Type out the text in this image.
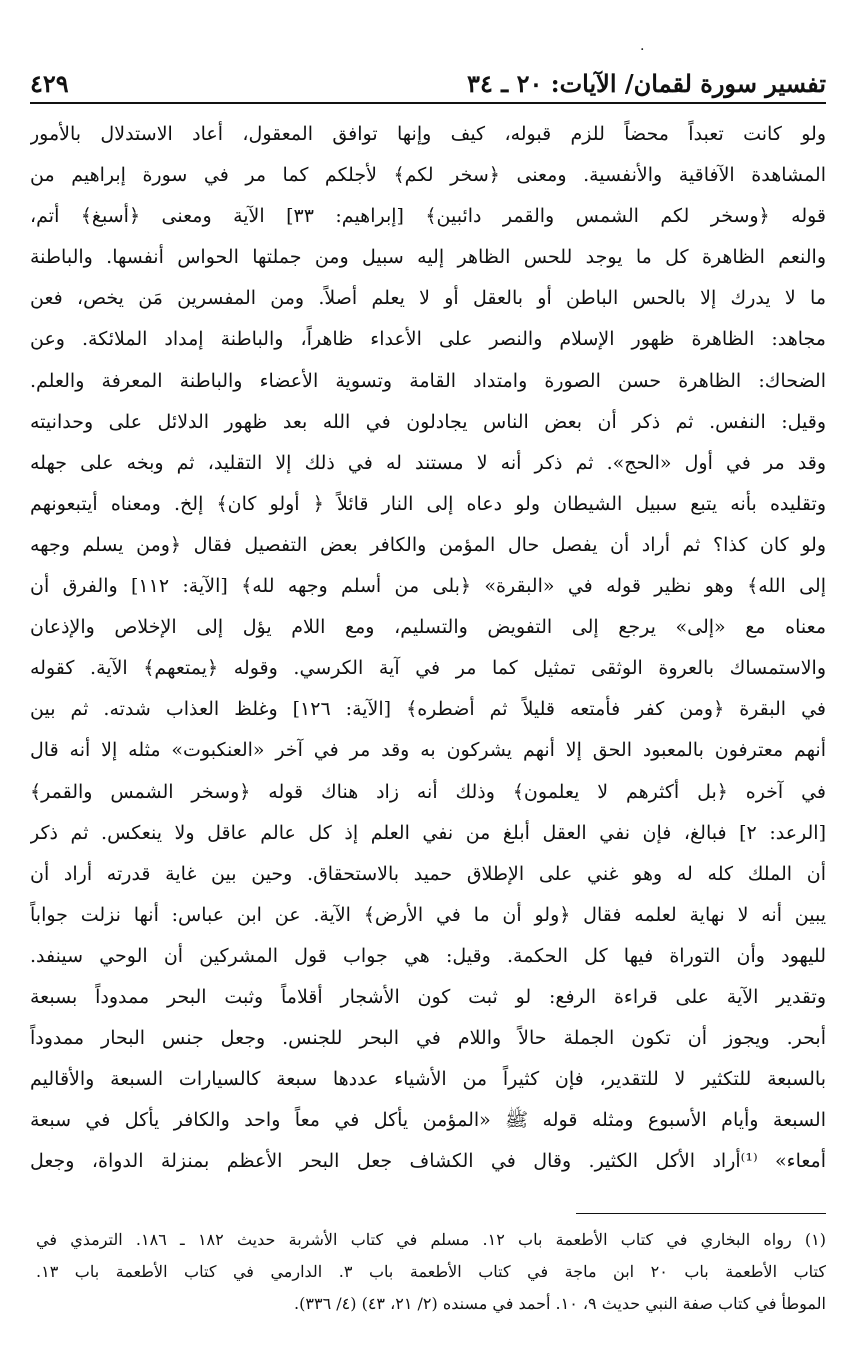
.
تفسير سورة لقمان/ الآيات: ٢٠ ـ ٣٤
٤٢٩
ولو كانت تعبداً محضاً للزم قبوله، كيف وإنها توافق المعقول، أعاد الاستدلال بالأمور
المشاهدة الآفاقية والأنفسية. ومعنى ﴿سخر لكم﴾ لأجلكم كما مر في سورة إبراهيم من
قوله ﴿وسخر لكم الشمس والقمر دائبين﴾ [إبراهيم: ٣٣] الآية ومعنى ﴿أسبغ﴾ أتم،
والنعم الظاهرة كل ما يوجد للحس الظاهر إليه سبيل ومن جملتها الحواس أنفسها. والباطنة
ما لا يدرك إلا بالحس الباطن أو بالعقل أو لا يعلم أصلاً. ومن المفسرين مَن يخص، فعن
مجاهد: الظاهرة ظهور الإسلام والنصر على الأعداء ظاهراً، والباطنة إمداد الملائكة. وعن
الضحاك: الظاهرة حسن الصورة وامتداد القامة وتسوية الأعضاء والباطنة المعرفة والعلم.
وقيل: النفس. ثم ذكر أن بعض الناس يجادلون في الله بعد ظهور الدلائل على وحدانيته
وقد مر في أول «الحج». ثم ذكر أنه لا مستند له في ذلك إلا التقليد، ثم وبخه على جهله
وتقليده بأنه يتبع سبيل الشيطان ولو دعاه إلى النار قائلاً ﴿ أولو كان﴾ إلخ. ومعناه أيتبعونهم
ولو كان كذا؟ ثم أراد أن يفصل حال المؤمن والكافر بعض التفصيل فقال ﴿ومن يسلم وجهه
إلى الله﴾ وهو نظير قوله في «البقرة» ﴿بلى من أسلم وجهه لله﴾ [الآية: ١١٢] والفرق أن
معناه مع «إلى» يرجع إلى التفويض والتسليم، ومع اللام يؤل إلى الإخلاص والإذعان
والاستمساك بالعروة الوثقى تمثيل كما مر في آية الكرسي. وقوله ﴿يمتعهم﴾ الآية. كقوله
في البقرة ﴿ومن كفر فأمتعه قليلاً ثم أضطره﴾ [الآية: ١٢٦] وغلظ العذاب شدته. ثم بين
أنهم معترفون بالمعبود الحق إلا أنهم يشركون به وقد مر في آخر «العنكبوت» مثله إلا أنه قال
في آخره ﴿بل أكثرهم لا يعلمون﴾ وذلك أنه زاد هناك قوله ﴿وسخر الشمس والقمر﴾
[الرعد: ٢] فبالغ، فإن نفي العقل أبلغ من نفي العلم إذ كل عالم عاقل ولا ينعكس. ثم ذكر
أن الملك كله له وهو غني على الإطلاق حميد بالاستحقاق. وحين بين غاية قدرته أراد أن
يبين أنه لا نهاية لعلمه فقال ﴿ولو أن ما في الأرض﴾ الآية. عن ابن عباس: أنها نزلت جواباً
لليهود وأن التوراة فيها كل الحكمة. وقيل: هي جواب قول المشركين أن الوحي سينفد.
وتقدير الآية على قراءة الرفع: لو ثبت كون الأشجار أقلاماً وثبت البحر ممدوداً بسبعة
أبحر. ويجوز أن تكون الجملة حالاً واللام في البحر للجنس. وجعل جنس البحار ممدوداً
بالسبعة للتكثير لا للتقدير، فإن كثيراً من الأشياء عددها سبعة كالسيارات السبعة والأقاليم
السبعة وأيام الأسبوع ومثله قوله ﷺ «المؤمن يأكل في معاً واحد والكافر يأكل في سبعة
أمعاء» ⁽¹⁾أراد الأكل الكثير. وقال في الكشاف جعل البحر الأعظم بمنزلة الدواة، وجعل
(١) رواه البخاري في كتاب الأطعمة باب ١٢. مسلم في كتاب الأشربة حديث ١٨٢ ـ ١٨٦. الترمذي في
كتاب الأطعمة باب ٢٠ ابن ماجة في كتاب الأطعمة باب ٣. الدارمي في كتاب الأطعمة باب ١٣.
الموطأ في كتاب صفة النبي حديث ٩، ١٠. أحمد في مسنده (٢/ ٢١، ٤٣) (٤/ ٣٣٦).
